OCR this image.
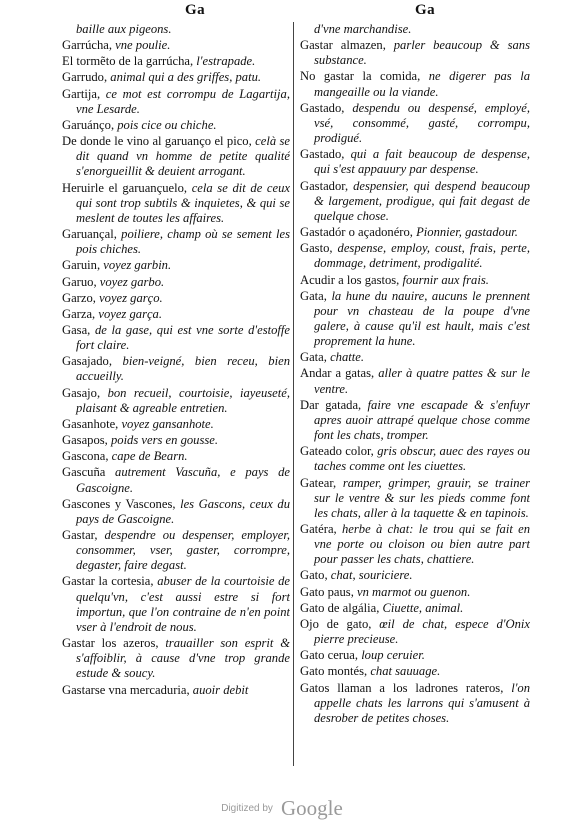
Ga	Ga

baille aux pigeons.

Garrúcha, vne poulie.

El tormẽto de la garrúcha, l'estrapade.

Garrudo, animal qui a des griffes, patu.

Gartija, ce mot est corrompu de Lagartija, vne Lesarde.

Garuánço, pois cice ou chiche.

De donde le vino al garuanço el pico, celà se dit quand vn homme de petite qualité s'enorgueillit & deuient arrogant.

Heruirle el garuançuelo, cela se dit de ceux qui sont trop subtils & inquietes, & qui se meslent de toutes les affaires.

Garuançal, poiliere, champ où se sement les pois chiches.

Garuin, voyez garbin.

Garuo, voyez garbo.

Garzo, voyez garço.

Garza, voyez garça.

Gasa, de la gase, qui est vne sorte d'estoffe fort claire.

Gasajado, bien-veigné, bien receu, bien accueilly.

Gasajo, bon recueil, courtoisie, iayeuseté, plaisant & agreable entretien.

Gasanhote, voyez gansanhote.

Gasapos, poids vers en gousse.

Gascona, cape de Bearn.

Gascuña autrement Vascuña, e pays de Gascoigne.

Gascones y Vascones, les Gascons, ceux du pays de Gascoigne.

Gastar, despendre ou despenser, employer, consommer, vser, gaster, corrompre, degaster, faire degast.

Gastar la cortesia, abuser de la courtoisie de quelqu'vn, c'est aussi estre si fort importun, que l'on contraine de n'en point vser à l'endroit de nous.

Gastar los azeros, trauailler son esprit & s'affoiblir, à cause d'vne trop grande estude & soucy.

Gastarse vna mercaduria, auoir debit

d'vne marchandise.

Gastar almazen, parler beaucoup & sans substance.

No gastar la comida, ne digerer pas la mangeaille ou la viande.

Gastado, despendu ou despensé, employé, vsé, consommé, gasté, corrompu, prodigué.

Gastado, qui a fait beaucoup de despense, qui s'est appauury par despense.

Gastador, despensier, qui despend beaucoup & largement, prodigue, qui fait degast de quelque chose.

Gastadór o açadonéro, Pionnier, gastadour.

Gasto, despense, employ, coust, frais, perte, dommage, detriment, prodigalité.

Acudir a los gastos, fournir aux frais.

Gata, la hune du nauire, aucuns le prennent pour vn chasteau de la poupe d'vne galere, à cause qu'il est hault, mais c'est proprement la hune.

Gata, chatte.

Andar a gatas, aller à quatre pattes & sur le ventre.

Dar gatada, faire vne escapade & s'enfuyr apres auoir attrapé quelque chose comme font les chats, tromper.

Gateado color, gris obscur, auec des rayes ou taches comme ont les ciuettes.

Gatear, ramper, grimper, grauir, se trainer sur le ventre & sur les pieds comme font les chats, aller à la taquette & en tapinois.

Gatéra, herbe à chat: le trou qui se fait en vne porte ou cloison ou bien autre part pour passer les chats, chattiere.

Gato, chat, souriciere.

Gato paus, vn marmot ou guenon.

Gato de algália, Ciuette, animal.

Ojo de gato, œil de chat, espece d'Onix pierre precieuse.

Gato cerua, loup ceruier.

Gato montés, chat sauuage.

Gatos llaman a los ladrones rateros, l'on appelle chats les larrons qui s'amusent à desrober de petites choses.

Digitized by Google
